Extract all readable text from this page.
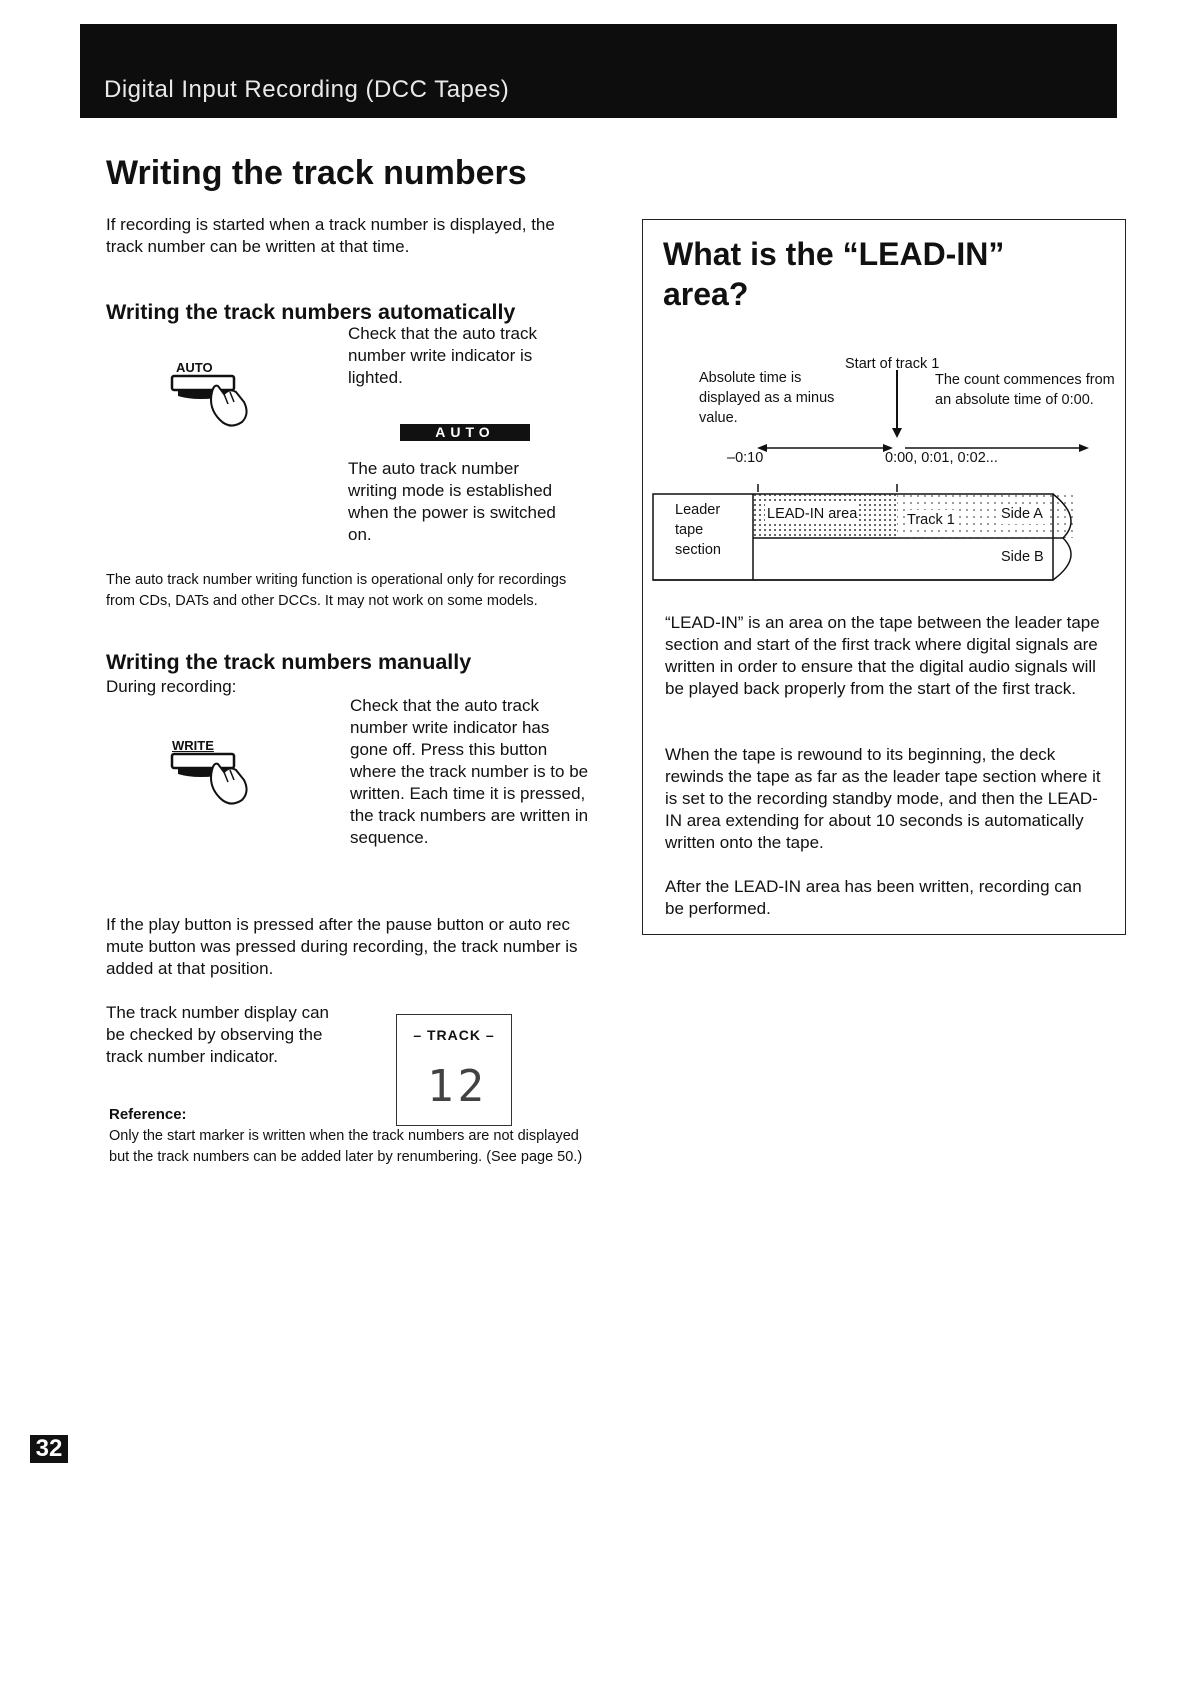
Digital Input Recording (DCC Tapes)
Writing the track numbers
If recording is started when a track number is displayed, the track number can be written at that time.
Writing the track numbers automatically
AUTO
Check that the auto track number write indicator is lighted.
AUTO
The auto track number writing mode is established when the power is switched on.
The auto track number writing function is operational only for recordings from CDs, DATs and other DCCs. It may not work on some models.
Writing the track numbers manually
During recording:
WRITE
Check that the auto track number write indicator has gone off. Press this button where the track number is to be written. Each time it is pressed, the track numbers are written in sequence.
If the play button is pressed after the pause button or auto rec mute button was pressed during recording, the track number is added at that position.
The track number display can be checked by observing the track number indicator.
– TRACK –
12
Reference:
Only the start marker is written when the track numbers are not displayed but the track numbers can be added later by renumbering. (See page 50.)
What is the “LEAD-IN” area?
Start of track 1
Absolute time is displayed as a minus value.
The count commences from an absolute time of 0:00.
–0:10	0:00, 0:01, 0:02...
Leader tape section
LEAD-IN area	Track 1	Side A
Side B
“LEAD-IN” is an area on the tape between the leader tape section and start of the first track where digital signals are written in order to ensure that the digital audio signals will be played back properly from the start of the first track.
When the tape is rewound to its beginning, the deck rewinds the tape as far as the leader tape section where it is set to the recording standby mode, and then the LEAD-IN area extending for about 10 seconds is automatically written onto the tape.
After the LEAD-IN area has been written, recording can be performed.
32
